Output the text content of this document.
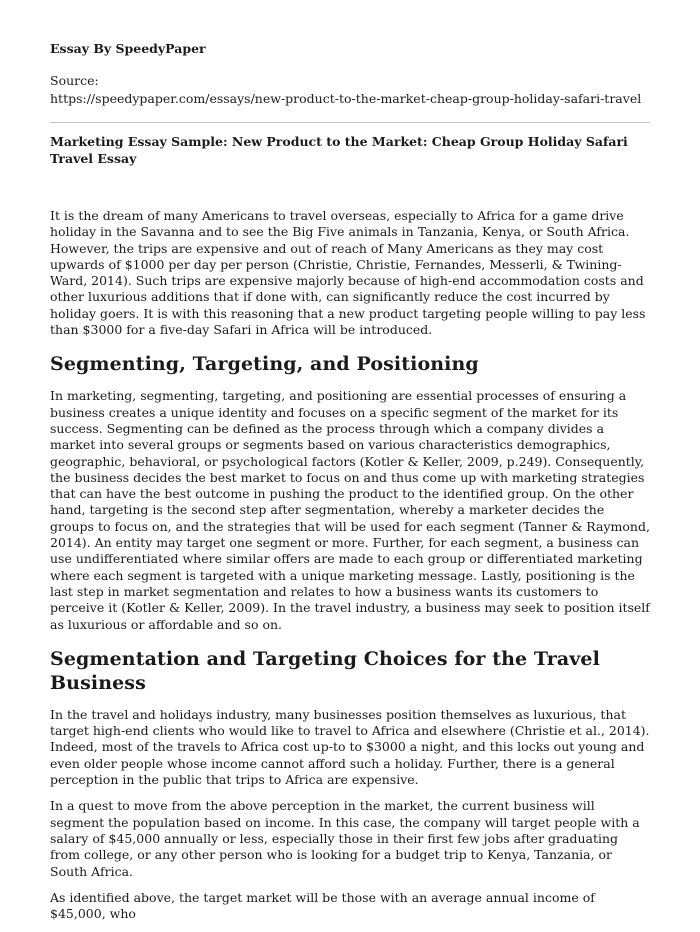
Essay By SpeedyPaper
Source:
https://speedypaper.com/essays/new-product-to-the-market-cheap-group-holiday-safari-travel
Marketing Essay Sample: New Product to the Market: Cheap Group Holiday Safari Travel Essay

It is the dream of many Americans to travel overseas, especially to Africa for a game drive holiday in the Savanna and to see the Big Five animals in Tanzania, Kenya, or South Africa. However, the trips are expensive and out of reach of Many Americans as they may cost upwards of $1000 per day per person (Christie, Christie, Fernandes, Messerli, & Twining-Ward, 2014). Such trips are expensive majorly because of high-end accommodation costs and other luxurious additions that if done with, can significantly reduce the cost incurred by holiday goers. It is with this reasoning that a new product targeting people willing to pay less than $3000 for a five-day Safari in Africa will be introduced.

Segmenting, Targeting, and Positioning

In marketing, segmenting, targeting, and positioning are essential processes of ensuring a business creates a unique identity and focuses on a specific segment of the market for its success. Segmenting can be defined as the process through which a company divides a market into several groups or segments based on various characteristics demographics, geographic, behavioral, or psychological factors (Kotler & Keller, 2009, p.249). Consequently, the business decides the best market to focus on and thus come up with marketing strategies that can have the best outcome in pushing the product to the identified group. On the other hand, targeting is the second step after segmentation, whereby a marketer decides the groups to focus on, and the strategies that will be used for each segment (Tanner & Raymond, 2014). An entity may target one segment or more. Further, for each segment, a business can use undifferentiated where similar offers are made to each group or differentiated marketing where each segment is targeted with a unique marketing message. Lastly, positioning is the last step in market segmentation and relates to how a business wants its customers to perceive it (Kotler & Keller, 2009). In the travel industry, a business may seek to position itself as luxurious or affordable and so on.

Segmentation and Targeting Choices for the Travel Business

In the travel and holidays industry, many businesses position themselves as luxurious, that target high-end clients who would like to travel to Africa and elsewhere (Christie et al., 2014). Indeed, most of the travels to Africa cost up-to to $3000 a night, and this locks out young and even older people whose income cannot afford such a holiday. Further, there is a general perception in the public that trips to Africa are expensive.

In a quest to move from the above perception in the market, the current business will segment the population based on income. In this case, the company will target people with a salary of $45,000 annually or less, especially those in their first few jobs after graduating from college, or any other person who is looking for a budget trip to Kenya, Tanzania, or South Africa.

As identified above, the target market will be those with an average annual income of $45,000, who
